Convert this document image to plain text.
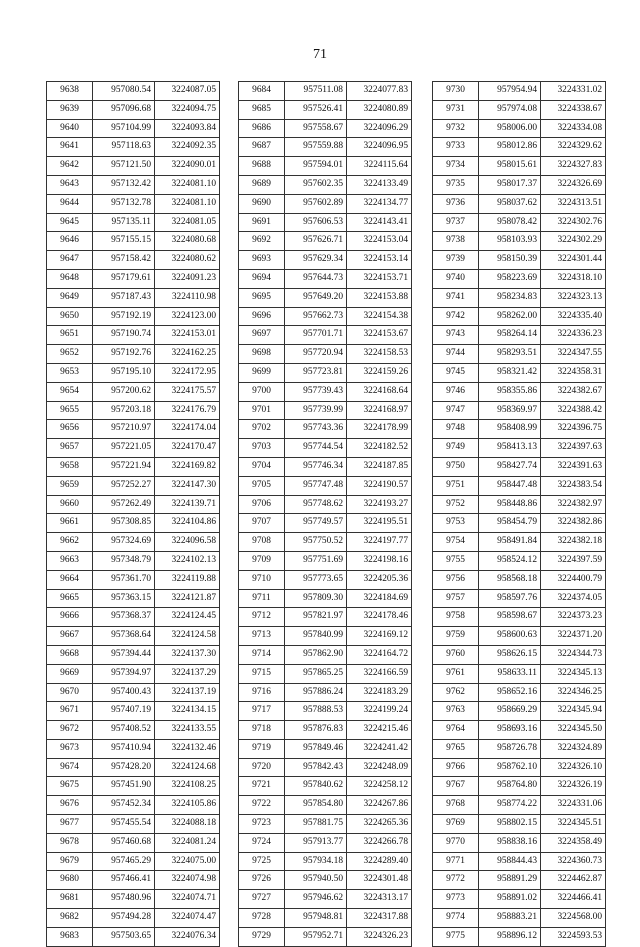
71
9638	957080.54	3224087.05
9639	957096.68	3224094.75
9640	957104.99	3224093.84
9641	957118.63	3224092.35
9642	957121.50	3224090.01
9643	957132.42	3224081.10
9644	957132.78	3224081.10
9645	957135.11	3224081.05
9646	957155.15	3224080.68
9647	957158.42	3224080.62
9648	957179.61	3224091.23
9649	957187.43	3224110.98
9650	957192.19	3224123.00
9651	957190.74	3224153.01
9652	957192.76	3224162.25
9653	957195.10	3224172.95
9654	957200.62	3224175.57
9655	957203.18	3224176.79
9656	957210.97	3224174.04
9657	957221.05	3224170.47
9658	957221.94	3224169.82
9659	957252.27	3224147.30
9660	957262.49	3224139.71
9661	957308.85	3224104.86
9662	957324.69	3224096.58
9663	957348.79	3224102.13
9664	957361.70	3224119.88
9665	957363.15	3224121.87
9666	957368.37	3224124.45
9667	957368.64	3224124.58
9668	957394.44	3224137.30
9669	957394.97	3224137.29
9670	957400.43	3224137.19
9671	957407.19	3224134.15
9672	957408.52	3224133.55
9673	957410.94	3224132.46
9674	957428.20	3224124.68
9675	957451.90	3224108.25
9676	957452.34	3224105.86
9677	957455.54	3224088.18
9678	957460.68	3224081.24
9679	957465.29	3224075.00
9680	957466.41	3224074.98
9681	957480.96	3224074.71
9682	957494.28	3224074.47
9683	957503.65	3224076.34
9684	957511.08	3224077.83
9685	957526.41	3224080.89
9686	957558.67	3224096.29
9687	957559.88	3224096.95
9688	957594.01	3224115.64
9689	957602.35	3224133.49
9690	957602.89	3224134.77
9691	957606.53	3224143.41
9692	957626.71	3224153.04
9693	957629.34	3224153.14
9694	957644.73	3224153.71
9695	957649.20	3224153.88
9696	957662.73	3224154.38
9697	957701.71	3224153.67
9698	957720.94	3224158.53
9699	957723.81	3224159.26
9700	957739.43	3224168.64
9701	957739.99	3224168.97
9702	957743.36	3224178.99
9703	957744.54	3224182.52
9704	957746.34	3224187.85
9705	957747.48	3224190.57
9706	957748.62	3224193.27
9707	957749.57	3224195.51
9708	957750.52	3224197.77
9709	957751.69	3224198.16
9710	957773.65	3224205.36
9711	957809.30	3224184.69
9712	957821.97	3224178.46
9713	957840.99	3224169.12
9714	957862.90	3224164.72
9715	957865.25	3224166.59
9716	957886.24	3224183.29
9717	957888.53	3224199.24
9718	957876.83	3224215.46
9719	957849.46	3224241.42
9720	957842.43	3224248.09
9721	957840.62	3224258.12
9722	957854.80	3224267.86
9723	957881.75	3224265.36
9724	957913.77	3224266.78
9725	957934.18	3224289.40
9726	957940.50	3224301.48
9727	957946.62	3224313.17
9728	957948.81	3224317.88
9729	957952.71	3224326.23
9730	957954.94	3224331.02
9731	957974.08	3224338.67
9732	958006.00	3224334.08
9733	958012.86	3224329.62
9734	958015.61	3224327.83
9735	958017.37	3224326.69
9736	958037.62	3224313.51
9737	958078.42	3224302.76
9738	958103.93	3224302.29
9739	958150.39	3224301.44
9740	958223.69	3224318.10
9741	958234.83	3224323.13
9742	958262.00	3224335.40
9743	958264.14	3224336.23
9744	958293.51	3224347.55
9745	958321.42	3224358.31
9746	958355.86	3224382.67
9747	958369.97	3224388.42
9748	958408.99	3224396.75
9749	958413.13	3224397.63
9750	958427.74	3224391.63
9751	958447.48	3224383.54
9752	958448.86	3224382.97
9753	958454.79	3224382.86
9754	958491.84	3224382.18
9755	958524.12	3224397.59
9756	958568.18	3224400.79
9757	958597.76	3224374.05
9758	958598.67	3224373.23
9759	958600.63	3224371.20
9760	958626.15	3224344.73
9761	958633.11	3224345.13
9762	958652.16	3224346.25
9763	958669.29	3224345.94
9764	958693.16	3224345.50
9765	958726.78	3224324.89
9766	958762.10	3224326.10
9767	958764.80	3224326.19
9768	958774.22	3224331.06
9769	958802.15	3224345.51
9770	958838.16	3224358.49
9771	958844.43	3224360.73
9772	958891.29	3224462.87
9773	958891.02	3224466.41
9774	958883.21	3224568.00
9775	958896.12	3224593.53
